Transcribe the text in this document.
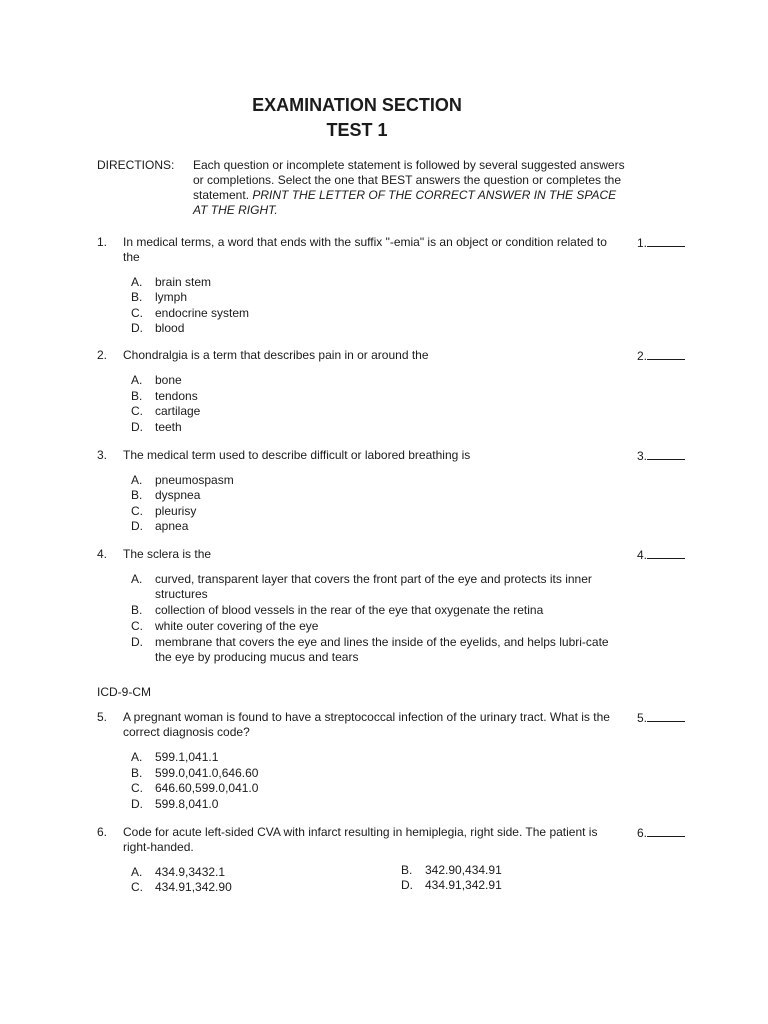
EXAMINATION SECTION
TEST 1
DIRECTIONS: Each question or incomplete statement is followed by several suggested answers or completions. Select the one that BEST answers the question or completes the statement. PRINT THE LETTER OF THE CORRECT ANSWER IN THE SPACE AT THE RIGHT.
1. In medical terms, a word that ends with the suffix "-emia" is an object or condition related to the
1.
A. brain stem
B. lymph
C. endocrine system
D. blood
2. Chondralgia is a term that describes pain in or around the	2.
A. bone
B. tendons
C. cartilage
D. teeth
3. The medical term used to describe difficult or labored breathing is	3.
A. pneumospasm
B. dyspnea
C. pleurisy
D. apnea
4. The sclera is the	4.
A. curved, transparent layer that covers the front part of the eye and protects its inner structures
B. collection of blood vessels in the rear of the eye that oxygenate the retina
C. white outer covering of the eye
D. membrane that covers the eye and lines the inside of the eyelids, and helps lubri-cate the eye by producing mucus and tears
ICD-9-CM
5. A pregnant woman is found to have a streptococcal infection of the urinary tract. What is the correct diagnosis code?
5.
A. 599.1,041.1
B. 599.0,041.0,646.60
C. 646.60,599.0,041.0
D. 599.8,041.0
6. Code for acute left-sided CVA with infarct resulting in hemiplegia, right side. The patient is right-handed.
6.
A. 434.9,3432.1	B. 342.90,434.91
C. 434.91,342.90	D. 434.91,342.91
